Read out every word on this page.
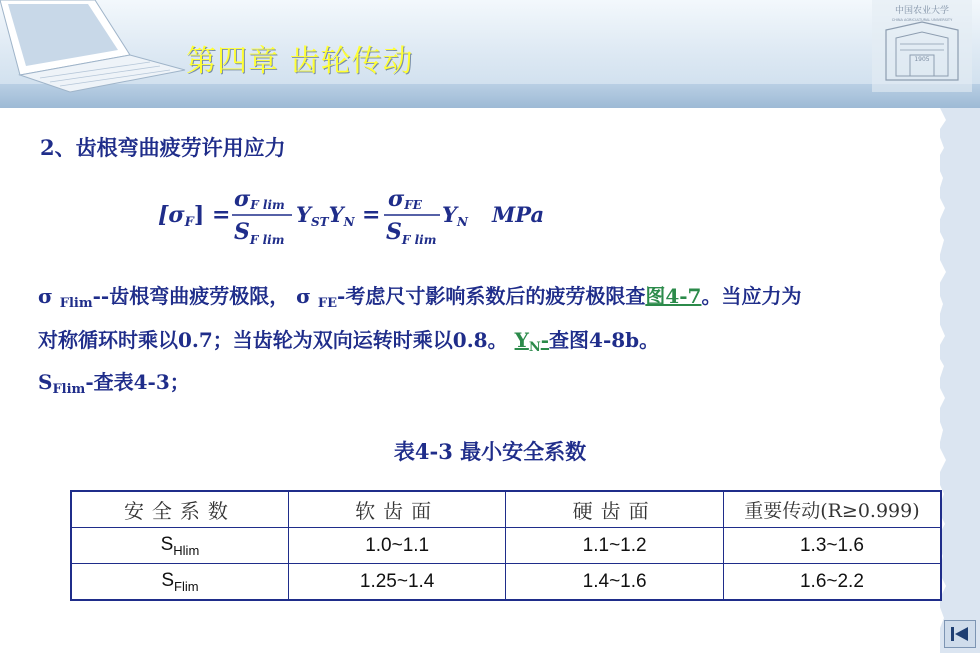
第四章 齿轮传动
中国农业大学
CHINA AGRICULTURAL UNIVERSITY
1905
2、齿根弯曲疲劳许用应力
[σF] =
σF lim
$S_{F lim}$
YSTYN =
σFE
$S_{F lim}$
YN MPa
σ $_{Flim}$--齿根弯曲疲劳极限， σ $_{FE}$-考虑尺寸影响系数后的疲劳极限查图4-7。当应力为
对称循环时乘以0.7；当齿轮为双向运转时乘以0.8。 $Y_N-$查图4-8b。
$S_{Flim}-$查表4-3；
表4-3 最小安全系数
安全系数	软齿面	硬齿面	重要传动(R≥0.999)
$S_{Hlim}$	1.0~1.1	1.1~1.2	1.3~1.6
$S_{Flim}$	1.25~1.4	1.4~1.6	1.6~2.2
